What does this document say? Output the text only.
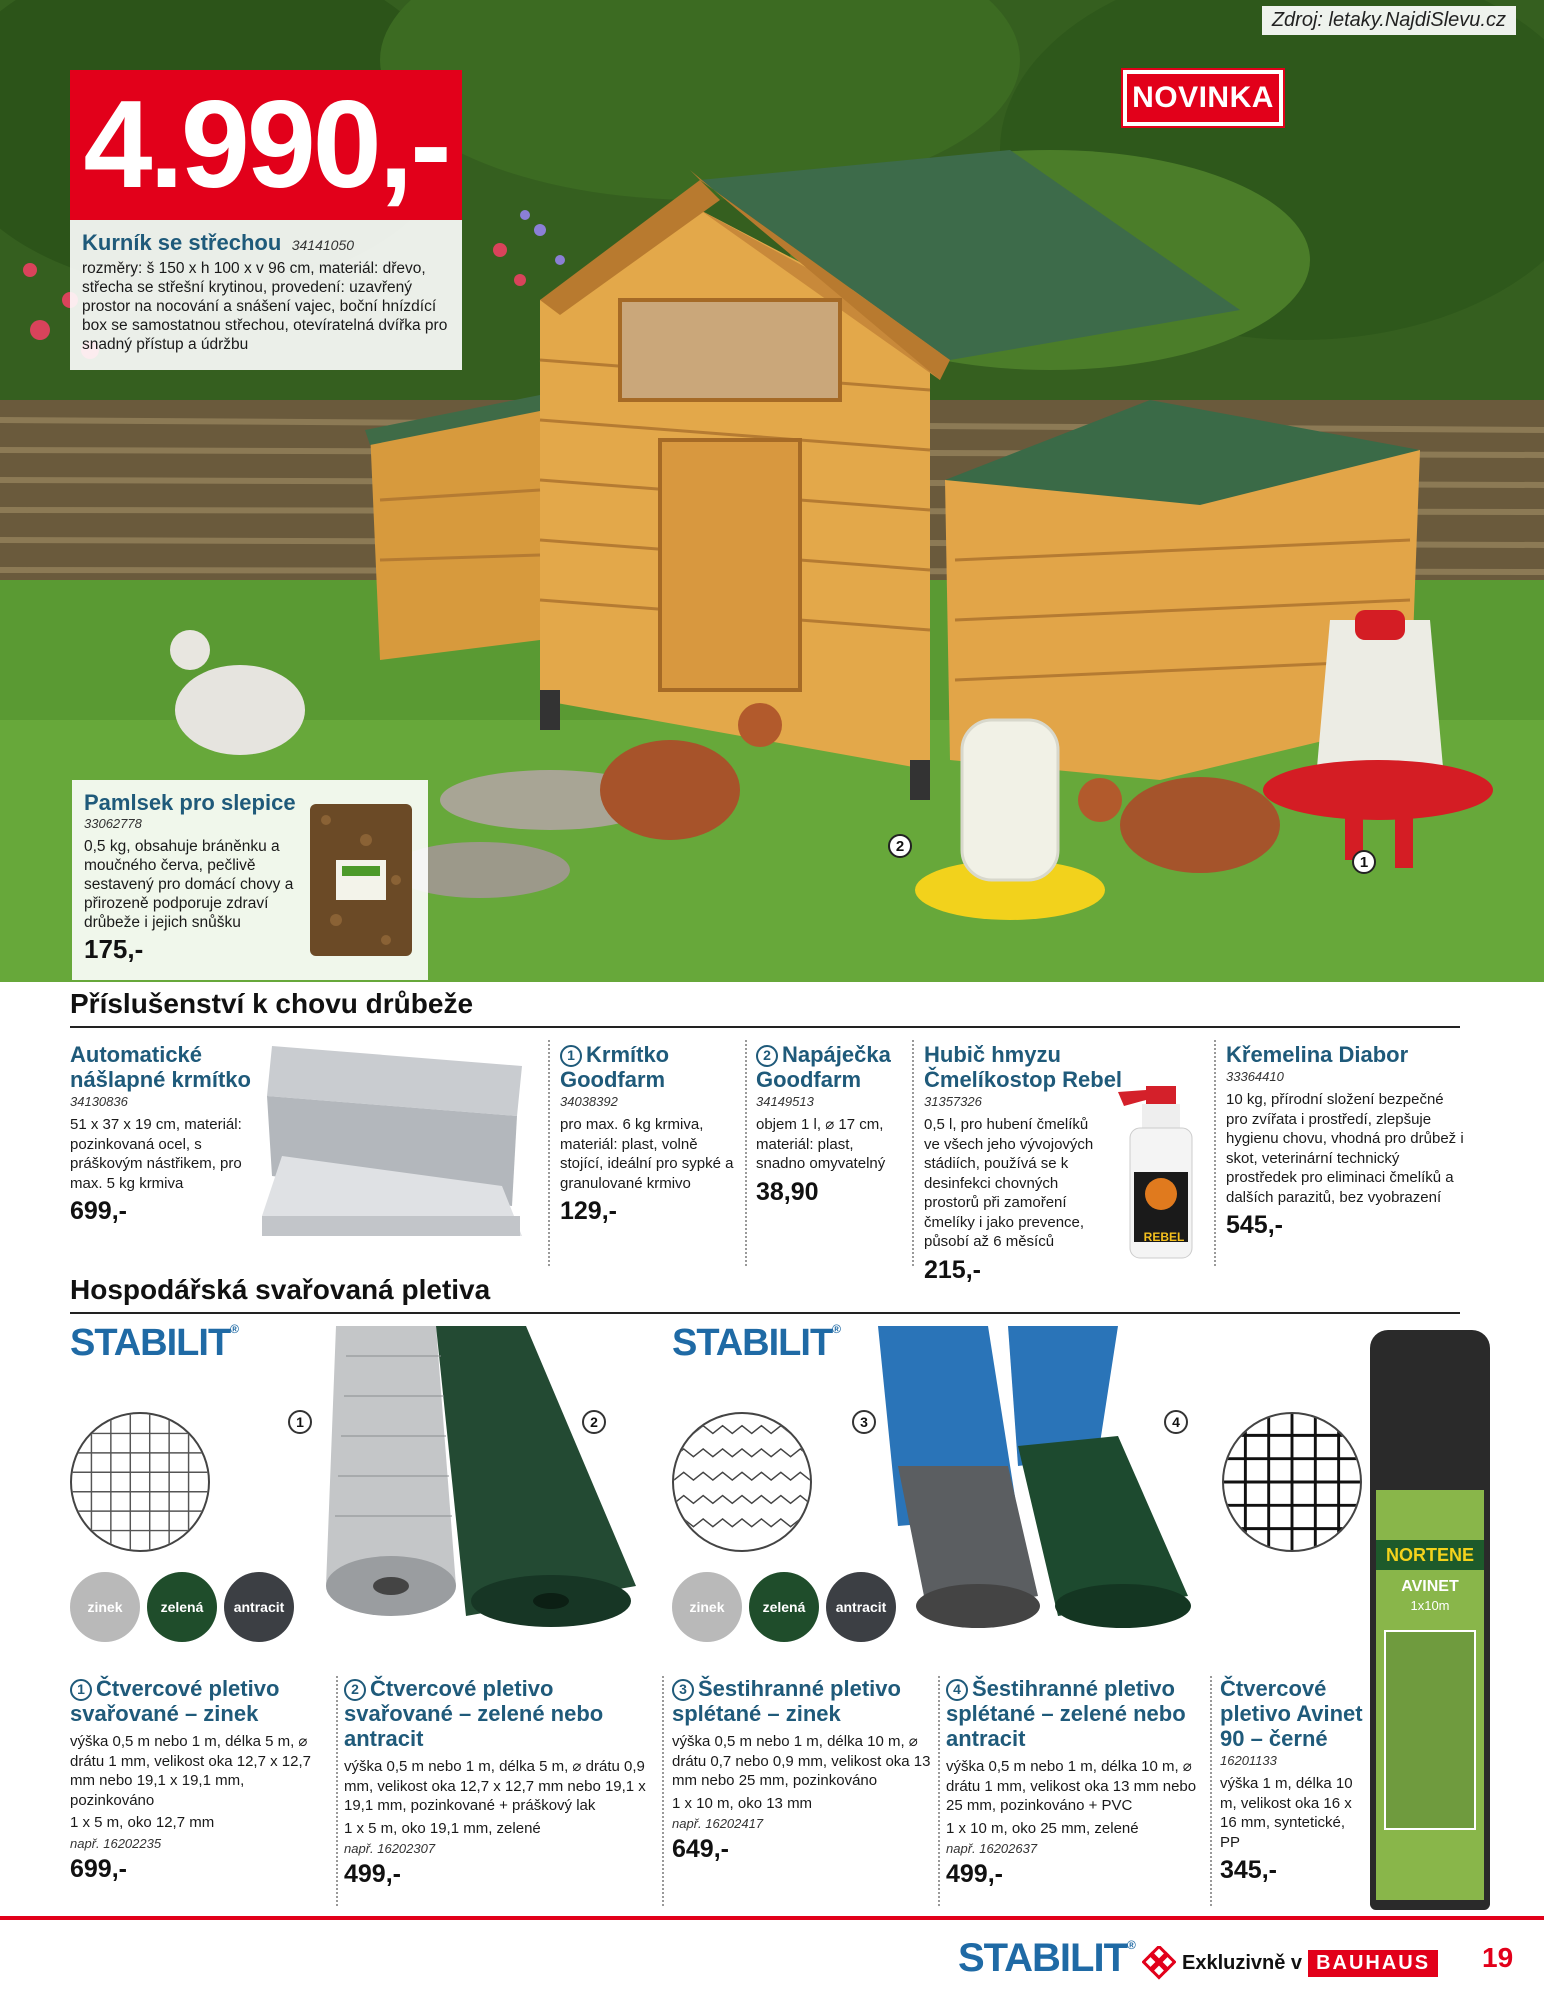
Zdroj: letaky.NajdiSlevu.cz
NOVINKA
4.990,-
Kurník se střechou 34141050
rozměry: š 150 x h 100 x v 96 cm, materiál: dřevo, střecha se střešní krytinou, provedení: uzavřený prostor na nocování a snášení vajec, boční hnízdící box se samostatnou střechou, otevíratelná dvířka pro snadný přístup a údržbu
Pamlsek pro slepice
33062778
0,5 kg, obsahuje bráněnku a moučného červa, pečlivě sestavený pro domácí chovy a přirozeně podporuje zdraví drůbeže i jejich snůšku
175,-
2
1
Příslušenství k chovu drůbeže
Automatické nášlapné krmítko
34130836
51 x 37 x 19 cm, materiál: pozinkovaná ocel, s práškovým nástřikem, pro max. 5 kg krmiva
699,-
1 Krmítko Goodfarm
34038392
pro max. 6 kg krmiva, materiál: plast, volně stojící, ideální pro sypké a granulované krmivo
129,-
2 Napáječka Goodfarm
34149513
objem 1 l, ⌀ 17 cm, materiál: plast, snadno omyvatelný
38,90
Hubič hmyzu Čmelíkostop Rebel
31357326
0,5 l, pro hubení čmelíků ve všech jeho vývojových stádiích, používá se k desinfekci chovných prostorů při zamoření čmelíky i jako prevence, působí až 6 měsíců
215,-
REBEL
Křemelina Diabor
33364410
10 kg, přírodní složení bezpečné pro zvířata i prostředí, zlepšuje hygienu chovu, vhodná pro drůbež i skot, veterinární technický prostředek pro eliminaci čmelíků a dalších parazitů, bez vyobrazení
545,-
Hospodářská svařovaná pletiva
STABILIT®	STABILIT®
zinek	zelená antracit	zinek	zelená antracit
NORTENE
AVINET
1x10m
1	2	3	4
1 Čtvercové pletivo svařované – zinek
výška 0,5 m nebo 1 m, délka 5 m, ⌀ drátu 1 mm, velikost oka 12,7 x 12,7 mm nebo 19,1 x 19,1 mm, pozinkováno
1 x 5 m, oko 12,7 mm
např. 16202235
699,-
2 Čtvercové pletivo svařované – zelené nebo antracit
výška 0,5 m nebo 1 m, délka 5 m, ⌀ drátu 0,9 mm, velikost oka 12,7 x 12,7 mm nebo 19,1 x 19,1 mm, pozinkované + práškový lak
1 x 5 m, oko 19,1 mm, zelené
např. 16202307
499,-
3 Šestihranné pletivo splétané – zinek
výška 0,5 m nebo 1 m, délka 10 m, ⌀ drátu 0,7 nebo 0,9 mm, velikost oka 13 mm nebo 25 mm, pozinkováno
1 x 10 m, oko 13 mm
např. 16202417
649,-
4 Šestihranné pletivo splétané – zelené nebo antracit
výška 0,5 m nebo 1 m, délka 10 m, ⌀ drátu 1 mm, velikost oka 13 mm nebo 25 mm, pozinkováno + PVC
1 x 10 m, oko 25 mm, zelené
např. 16202637
499,-
Čtvercové pletivo Avinet 90 – černé
16201133
výška 1 m, délka 10 m, velikost oka 16 x 16 mm, syntetické, PP
345,-
STABILIT®
Exkluzivně v BAUHAUS 19
